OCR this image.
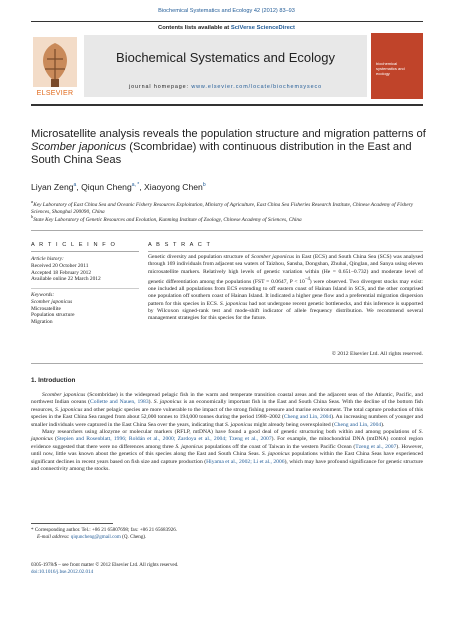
Biochemical Systematics and Ecology 42 (2012) 83–93
ELSEVIER
Contents lists available at SciVerse ScienceDirect
Biochemical Systematics and Ecology
journal homepage: www.elsevier.com/locate/biochemsyseco
biochemical systematics and ecology
Microsatellite analysis reveals the population structure and migration patterns of Scomber japonicus (Scombridae) with continuous distribution in the East and South China Seas
Liyan Zeng$^a$, Qiqun Cheng$^{a, *}$, Xiaoyong Chen$^b$
$^a$Key Laboratory of East China Sea and Oceanic Fishery Resources Exploitation, Ministry of Agriculture, East China Sea Fisheries Research Institute, Chinese Academy of Fishery Sciences, Shanghai 200090, China
$^b$State Key Laboratory of Genetic Resources and Evolution, Kunming Institute of Zoology, Chinese Academy of Sciences, China
A R T I C L E I N F O	A B S T R A C T
Article history:
Received 20 October 2011
Accepted 18 February 2012
Available online 22 March 2012
Keywords:
Scomber japonicus
Microsatellite
Population structure
Migration
Genetic diversity and population structure of Scomber japonicus in East (ECS) and South China Sea (SCS) was analysed through 169 individuals from adjacent sea waters of Taizhou, Sansha, Dongshan, Zhuhai, Qinglan, and Sanya using eleven microsatellite markers. Relatively high levels of genetic variation within (He = 0.651–0.732) and moderate level of genetic differentiation among the populations (FST = 0.0647, $P < 10^{-4}$) were observed. Two divergent stocks may exist: one included all populations from ECS extending to off eastern coast of Hainan Island in SCS, and the other comprised one population off southern coast of Hainan Island. It indicated a higher gene flow and a preferential migration dispersion pattern for this species in ECS. S. japonicus had not undergone recent genetic bottlenecks, and this inference is supported by Wilcoxon signed-rank test and mode-shift indicator of allele frequency distribution. We recommend several management strategies for this species for the future.
© 2012 Elsevier Ltd. All rights reserved.
1. Introduction

Scomber japonicus (Scombridae) is the widespread pelagic fish in the warm and temperate transition coastal areas and the adjacent seas of the Atlantic, Pacific, and northwest Indian oceans (Collette and Nauen, 1983). S. japonicus is an economically important fish in the East and South China Seas. With the decline of the bottom fish resources, S. japonicus and other pelagic species are more vulnerable to the impact of the strong fishing pressure and marine environment. The total capture production of this species in the East China Sea ranged from about 52,000 tonnes to 194,000 tonnes during the period 1980–2002 (Cheng and Lin, 2004). An increasing numbers of younger and smaller individuals were captured in the East China Sea over the years, indicating that S. japonicus might already being overexploited (Cheng and Lin, 2004).

Many researchers using allozyme or molecular markers (RFLP, mtDNA) have found a good deal of genetic structuring both within and among populations of S. japonicus (Stepien and Rosenblatt, 1996; Roldán et al., 2000; Zardoya et al., 2004; Tzeng et al., 2007). For example, the mitochondrial DNA (mtDNA) control region evidence suggested that there were no differences among three S. japonicus populations off the coast of Taiwan in the western Pacific Ocean (Tzeng et al., 2007). However, until now, little was known about the genetics of this species along the East and South China Seas. S. japonicus populations within the East China Seas have experienced significant declines in recent years based on fish size and capture production (Hiyama et al., 2002; Li et al., 2006), which may have profound significance for genetic structure and connectivity among the stocks.

* Corresponding author. Tel.: +86 21 65807698; fax: +86 21 65683926.
E-mail address: qiquncheng@gmail.com (Q. Cheng).
0305-1978/$ – see front matter © 2012 Elsevier Ltd. All rights reserved.
doi:10.1016/j.bse.2012.02.014
